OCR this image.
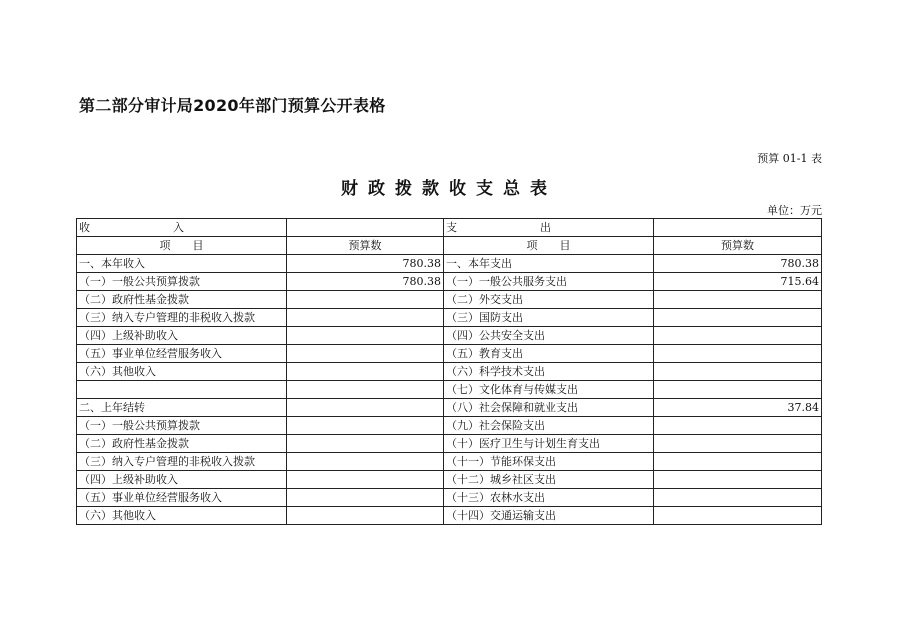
第二部分审计局2020年部门预算公开表格
预算 01-1 表
财政拨款收支总表
单位：万元
收 入		支 出	

项　　目	预算数	项　　目	预算数
一、本年收入	780.38	一、本年支出	780.38
（一）一般公共预算拨款	780.38	（一）一般公共服务支出	715.64
（二）政府性基金拨款		（二）外交支出	
（三）纳入专户管理的非税收入拨款		（三）国防支出	
（四）上级补助收入		（四）公共安全支出	
（五）事业单位经营服务收入		（五）教育支出	
（六）其他收入		（六）科学技术支出	
		（七）文化体育与传媒支出	
二、上年结转		（八）社会保障和就业支出	37.84
（一）一般公共预算拨款		（九）社会保险支出	
（二）政府性基金拨款		（十）医疗卫生与计划生育支出	
（三）纳入专户管理的非税收入拨款		（十一）节能环保支出	
（四）上级补助收入		（十二）城乡社区支出	
（五）事业单位经营服务收入		（十三）农林水支出	
（六）其他收入		（十四）交通运输支出	
